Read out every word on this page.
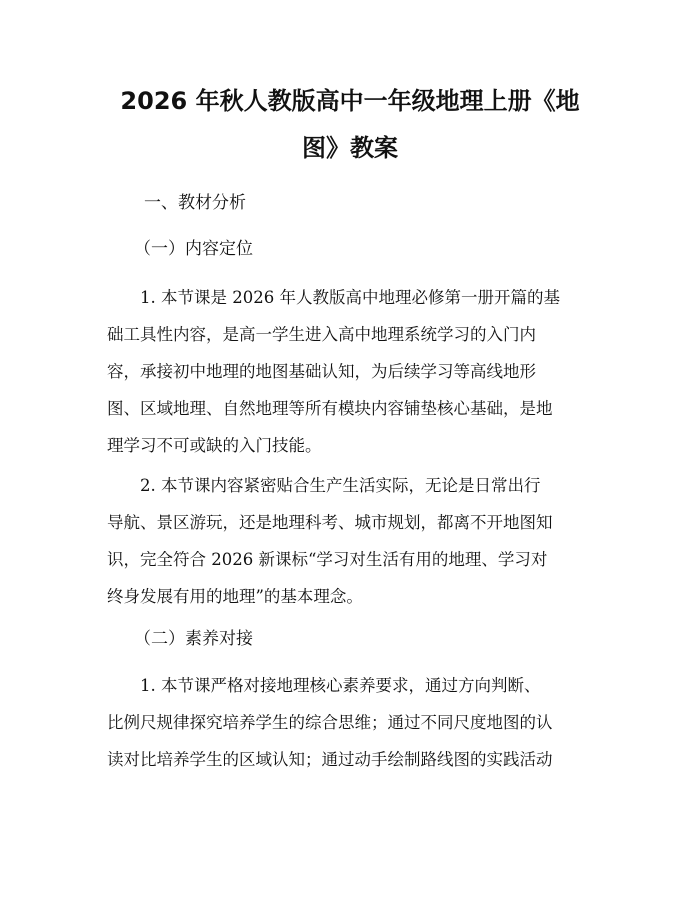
2026 年秋人教版高中一年级地理上册《地
图》教案

一、教材分析

（一）内容定位

1. 本节课是 2026 年人教版高中地理必修第一册开篇的基
础工具性内容，是高一学生进入高中地理系统学习的入门内
容，承接初中地理的地图基础认知，为后续学习等高线地形
图、区域地理、自然地理等所有模块内容铺垫核心基础，是地
理学习不可或缺的入门技能。

2. 本节课内容紧密贴合生产生活实际，无论是日常出行
导航、景区游玩，还是地理科考、城市规划，都离不开地图知
识，完全符合 2026 新课标“学习对生活有用的地理、学习对
终身发展有用的地理”的基本理念。

（二）素养对接

1. 本节课严格对接地理核心素养要求，通过方向判断、
比例尺规律探究培养学生的综合思维；通过不同尺度地图的认
读对比培养学生的区域认知；通过动手绘制路线图的实践活动
